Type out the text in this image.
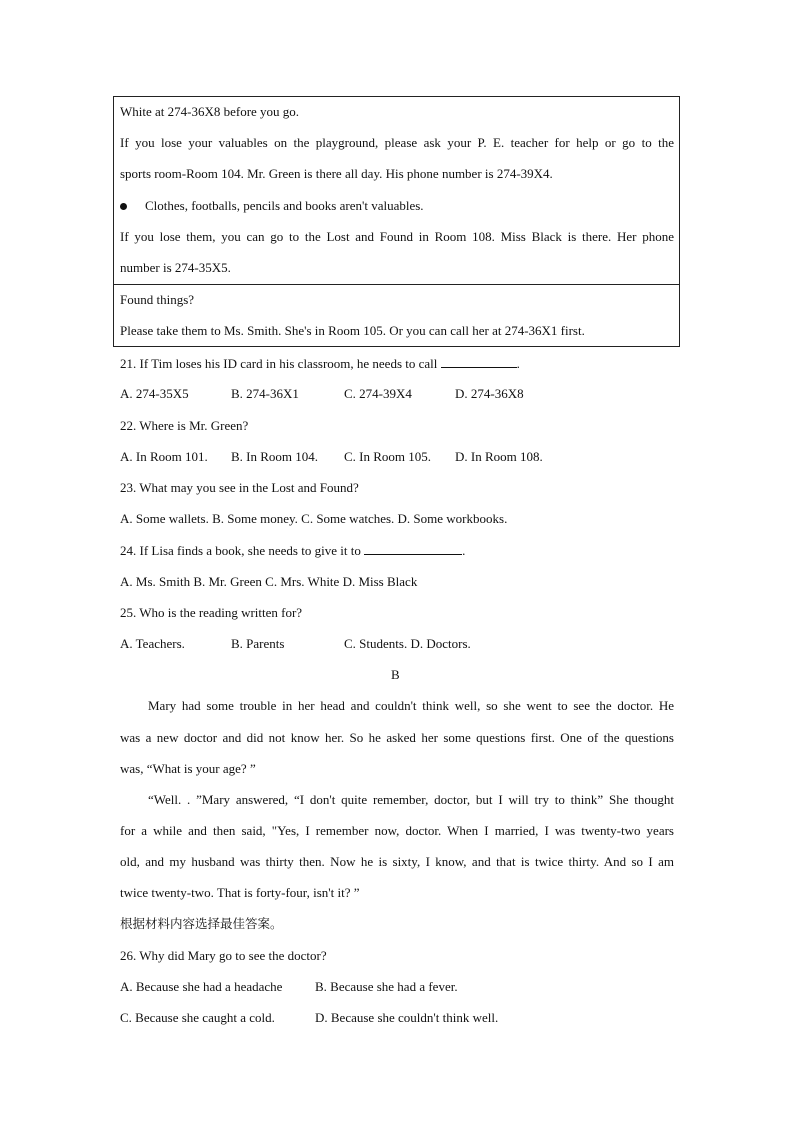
White at 274-36X8 before you go.
If you lose your valuables on the playground, please ask your P. E. teacher for help or go to the
sports room-Room 104. Mr. Green is there all day. His phone number is 274-39X4.
Clothes, footballs, pencils and books aren't valuables.
If you lose them, you can go to the Lost and Found in Room 108. Miss Black is there. Her phone
number is 274-35X5.
Found things?
Please take them to Ms. Smith. She's in Room 105. Or you can call her at 274-36X1 first.
21. If Tim loses his ID card in his classroom, he needs to call	.
A. 274-35X5	B. 274-36X1	C. 274-39X4	D. 274-36X8
22. Where is Mr. Green?
A. In Room 101. B. In Room 104. C. In Room 105. D. In Room 108.
23. What may you see in the Lost and Found?
A. Some wallets. B. Some money. C. Some watches. D. Some workbooks.
24. If Lisa finds a book, she needs to give it to	.
A. Ms. Smith B. Mr. Green C. Mrs. White D. Miss Black
25. Who is the reading written for?
A. Teachers.	B. Parents	C. Students. D. Doctors.
B
Mary had some trouble in her head and couldn't think well, so she went to see the doctor. He
was a new doctor and did not know her. So he asked her some questions first. One of the questions
was, “What is your age? ”
“Well. . ”Mary answered, “I don't quite remember, doctor, but I will try to think” She thought
for a while and then said, "Yes, I remember now, doctor. When I married, I was twenty-two years
old, and my husband was thirty then. Now he is sixty, I know, and that is twice thirty. And so I am
twice twenty-two. That is forty-four, isn't it? ”
根据材料内容选择最佳答案。
26. Why did Mary go to see the doctor?
A. Because she had a headache	B. Because she had a fever.
C. Because she caught a cold.	D. Because she couldn't think well.
